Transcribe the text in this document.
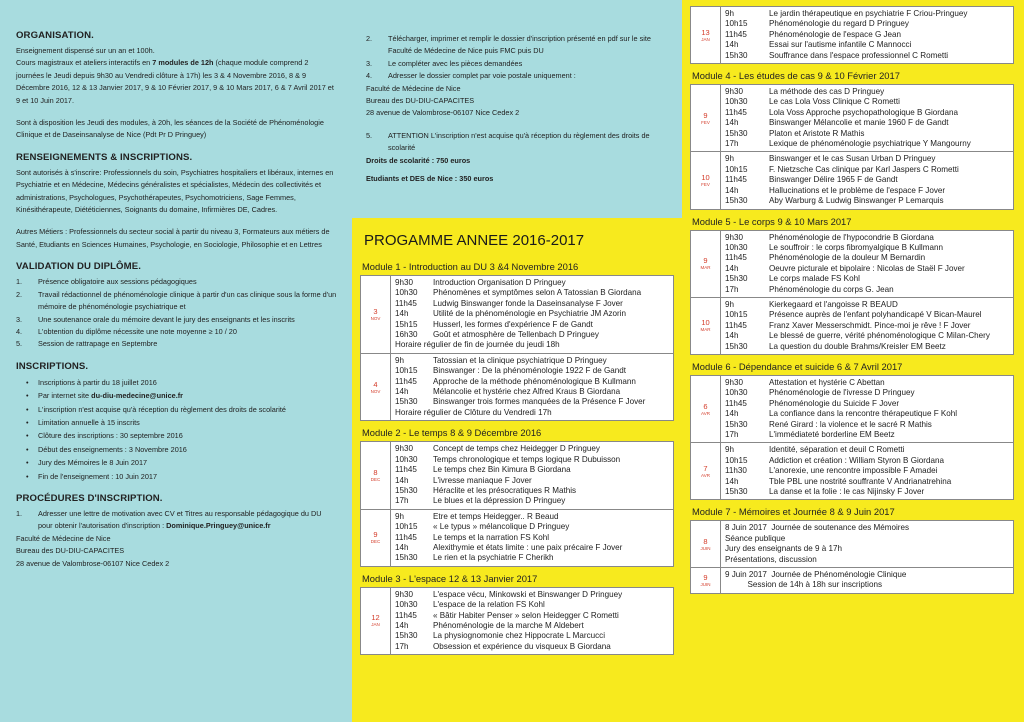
ORGANISATION.
Enseignement dispensé sur un an et 100h.
Cours magistraux et ateliers interactifs en 7 modules de 12h (chaque module comprend 2 journées le Jeudi depuis 9h30 au Vendredi clôture à 17h) les 3 & 4 Novembre 2016, 8 & 9 Décembre 2016, 12 & 13 Janvier 2017, 9 & 10 Février 2017, 9 & 10 Mars 2017, 6 & 7 Avril 2017 et 9 et 10 Juin 2017.
Sont à disposition les Jeudi des modules, à 20h, les séances de la Société de Phénoménologie Clinique et de Daseinsanalyse de Nice (Pdt Pr D Pringuey)
RENSEIGNEMENTS & INSCRIPTIONS.
Sont autorisés à s'inscrire: Professionnels du soin, Psychiatres hospitaliers et libéraux, internes en Psychiatrie et en Médecine, Médecins généralistes et spécialistes, Médecin des collectivités et administrations, Psychologues, Psychothérapeutes, Psychomotriciens, Sage Femmes, Kinésithérapeute, Diététiciennes, Soignants du domaine, Infirmières DE, Cadres.
Autres Métiers : Professionnels du secteur social à partir du niveau 3, Formateurs aux métiers de Santé, Etudiants en Sciences Humaines, Psychologie, en Sociologie, Philosophie et en Lettres
VALIDATION DU DIPLÔME.
1.	Présence obligatoire aux sessions pédagogiques
2.	Travail rédactionnel de phénoménologie clinique à partir d'un cas clinique sous la forme d'un mémoire de phénoménologie psychiatrique et
3.	Une soutenance orale du mémoire devant le jury des enseignants et les inscrits
4.	L'obtention du diplôme nécessite une note moyenne ≥ 10 / 20
5.	Session de rattrapage en Septembre
INSCRIPTIONS.
•	Inscriptions à partir du 18 juillet 2016
•	Par internet site du-diu-medecine@unice.fr
•	L'inscription n'est acquise qu'à réception du règlement des droits de scolarité
•	Limitation annuelle à 15 inscrits
•	Clôture des inscriptions : 30 septembre 2016
•	Début des enseignements : 3 Novembre 2016
•	Jury des Mémoires le 8 Juin 2017
•	Fin de l'enseignement : 10 Juin 2017
PROCÉDURES D'INSCRIPTION.
1.	Adresser une lettre de motivation avec CV et Titres au responsable pédagogique du DU pour obtenir l'autorisation d'inscription : Dominique.Pringuey@unice.fr
Faculté de Médecine de Nice
Bureau des DU-DIU-CAPACITES
28 avenue de Valombrose-06107 Nice Cedex 2
2.	Télécharger, imprimer et remplir le dossier d'inscription présenté en pdf sur le site Faculté de Médecine de Nice puis FMC puis DU
3.	Le compléter avec les pièces demandées
4.	Adresser le dossier complet par voie postale uniquement :
Faculté de Médecine de Nice
Bureau des DU-DIU-CAPACITES
28 avenue de Valombrose-06107 Nice Cedex 2
5.	ATTENTION L'inscription n'est acquise qu'à réception du règlement des droits de scolarité
Droits de scolarité : 750 euros
Etudiants et DES de Nice : 350 euros
PROGAMME ANNEE 2016-2017
Module 1 - Introduction au DU 3 &4 Novembre 2016
3
NOV
9h30	Introduction Organisation D Pringuey
10h30	Phénomènes et symptômes selon A Tatossian B Giordana
11h45	Ludwig Binswanger fonde la Daseinsanalyse F Jover
14h	Utilité de la phénoménologie en Psychiatrie JM Azorin
15h15	Husserl, les formes d'expérience F de Gandt
16h30	Goût et atmosphère de Tellenbach D Pringuey
Horaire régulier de fin de journée du jeudi 18h
4
NOV
9h	Tatossian et la clinique psychiatrique D Pringuey
10h15	Binswanger : De la phénoménologie 1922 F de Gandt
11h45	Approche de la méthode phénoménologique B Kullmann
14h	Mélancolie et hystérie chez Alfred Kraus B Giordana
15h30	Binswanger trois formes manquées de la Présence F Jover
Horaire régulier de Clôture du Vendredi 17h
Module 2 - Le temps 8 & 9 Décembre 2016
8
DEC
9h30	Concept de temps chez Heidegger D Pringuey
10h30	Temps chronologique et temps logique R Dubuisson
11h45	Le temps chez Bin Kimura B Giordana
14h	L'ivresse maniaque F Jover
15h30	Héraclite et les présocratiques R Mathis
17h	Le blues et la dépression D Pringuey
9
DEC
9h	Etre et temps Heidegger.. R Beaud
10h15	« Le typus » mélancolique D Pringuey
11h45	Le temps et la narration FS Kohl
14h	Alexithymie et états limite : une paix précaire F Jover
15h30	Le rien et la psychiatrie F Cherikh
Module 3 - L'espace 12 & 13 Janvier 2017
12
JAN
9h30	L'espace vécu, Minkowski et Binswanger D Pringuey
10h30	L'espace de la relation FS Kohl
11h45	« Bâtir Habiter Penser » selon Heidegger C Rometti
14h	Phénoménologie de la marche M Aldebert
15h30	La physiognomonie chez Hippocrate L Marcucci
17h	Obsession et expérience du visqueux B Giordana
13
JAN
9h	Le jardin thérapeutique en psychiatrie F Criou-Pringuey
10h15	Phénoménologie du regard D Pringuey
11h45	Phénoménologie de l'espace G Jean
14h	Essai sur l'autisme infantile C Mannocci
15h30	Souffrance dans l'espace professionnel C Rometti
Module 4 - Les études de cas 9 & 10 Février 2017
9
FEV
9h30	La méthode des cas D Pringuey
10h30	Le cas Lola Voss Clinique C Rometti
11h45	Lola Voss Approche psychopathologique B Giordana
14h	Binswanger Mélancolie et manie 1960 F de Gandt
15h30	Platon et Aristote R Mathis
17h	Lexique de phénoménologie psychiatrique Y Mangourny
10
FEV
9h	Binswanger et le cas Susan Urban D Pringuey
10h15	F. Nietzsche Cas clinique par Karl Jaspers C Rometti
11h45	Binswanger Délire 1965 F de Gandt
14h	Hallucinations et le problème de l'espace F Jover
15h30	Aby Warburg & Ludwig Binswanger P Lemarquis
Module 5 - Le corps 9 & 10 Mars 2017
9
MAR
9h30	Phénoménologie de l'hypocondrie B Giordana
10h30	Le souffroir : le corps fibromyalgique B Kullmann
11h45	Phénoménologie de la douleur M Bernardin
14h	Oeuvre picturale et bipolaire : Nicolas de Staël F Jover
15h30	Le corps malade FS Kohl
17h	Phénoménologie du corps G. Jean
10
MAR
9h	Kierkegaard et l'angoisse R BEAUD
10h15	Présence auprès de l'enfant polyhandicapé V Bican-Maurel
11h45	Franz Xaver Messerschmidt. Pince-moi je rêve ! F Jover
14h	Le blessé de guerre, vérité phénoménologique C Milan-Chery
15h30	La question du double Brahms/Kreisler EM Beetz
Module 6 - Dépendance et suicide 6 & 7 Avril 2017
6
AVR
9h30	Attestation et hystérie C Abettan
10h30	Phénoménologie de l'ivresse D Pringuey
11h45	Phénoménologie du Suicide F Jover
14h	La confiance dans la rencontre thérapeutique F Kohl
15h30	René Girard : la violence et le sacré R Mathis
17h	L'immédiateté borderline EM Beetz
7
AVR
9h	Identité, séparation et deuil C Rometti
10h15	Addiction et création : William Styron B Giordana
11h30	L'anorexie, une rencontre impossible F Amadei
14h	Tble PBL une nostrité souffrante V Andrianatrehina
15h30	La danse et la folie : le cas Nijinsky F Jover
Module 7 - Mémoires et Journée 8 & 9 Juin 2017
8
JUIN
8 Juin 2017  Journée de soutenance des Mémoires
Séance publique
Jury des enseignants de 9 à 17h
Présentations, discussion
9
JUIN
9 Juin 2017  Journée de Phénoménologie Clinique
Session de 14h à 18h sur inscriptions
